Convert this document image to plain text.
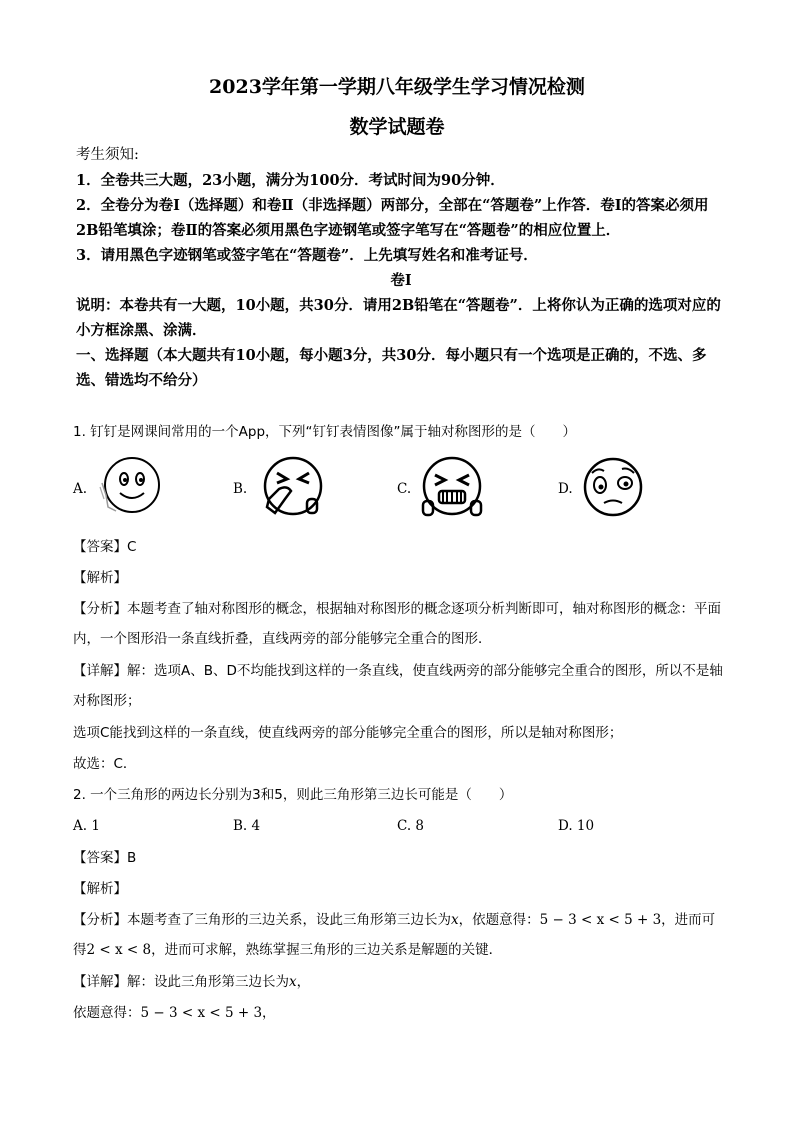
2023学年第一学期八年级学生学习情况检测
数学试题卷
考生须知:
1．全卷共三大题，23小题，满分为100分．考试时间为90分钟．
2．全卷分为卷Ⅰ（选择题）和卷Ⅱ（非选择题）两部分，全部在“答题卷”上作答．卷Ⅰ的答案必须用2B铅笔填涂；卷Ⅱ的答案必须用黑色字迹钢笔或签字笔写在“答题卷”的相应位置上．
3．请用黑色字迹钢笔或签字笔在“答题卷”．上先填写姓名和准考证号．
卷Ⅰ
说明：本卷共有一大题，10小题，共30分．请用2B铅笔在“答题卷”．上将你认为正确的选项对应的小方框涂黑、涂满．
一、选择题（本大题共有10小题，每小题3分，共30分．每小题只有一个选项是正确的，不选、多选、错选均不给分）
1. 钉钉是网课间常用的一个App，下列“钉钉表情图像”属于轴对称图形的是（　　）
A.	B.	C.	D.
【答案】C
【解析】
【分析】本题考查了轴对称图形的概念，根据轴对称图形的概念逐项分析判断即可，轴对称图形的概念：平面内，一个图形沿一条直线折叠，直线两旁的部分能够完全重合的图形．
【详解】解：选项A、B、D不均能找到这样的一条直线，使直线两旁的部分能够完全重合的图形，所以不是轴对称图形；
选项C能找到这样的一条直线，使直线两旁的部分能够完全重合的图形，所以是轴对称图形；
故选：C．
2. 一个三角形的两边长分别为3和5，则此三角形第三边长可能是（　　）
A. 1	B. 4	C. 8	D. 10
【答案】B
【解析】
【分析】本题考查了三角形的三边关系，设此三角形第三边长为x，依题意得：5 − 3 < x < 5 + 3，进而可得2 < x < 8，进而可求解，熟练掌握三角形的三边关系是解题的关键．
【详解】解：设此三角形第三边长为x，
依题意得：5 − 3 < x < 5 + 3，
